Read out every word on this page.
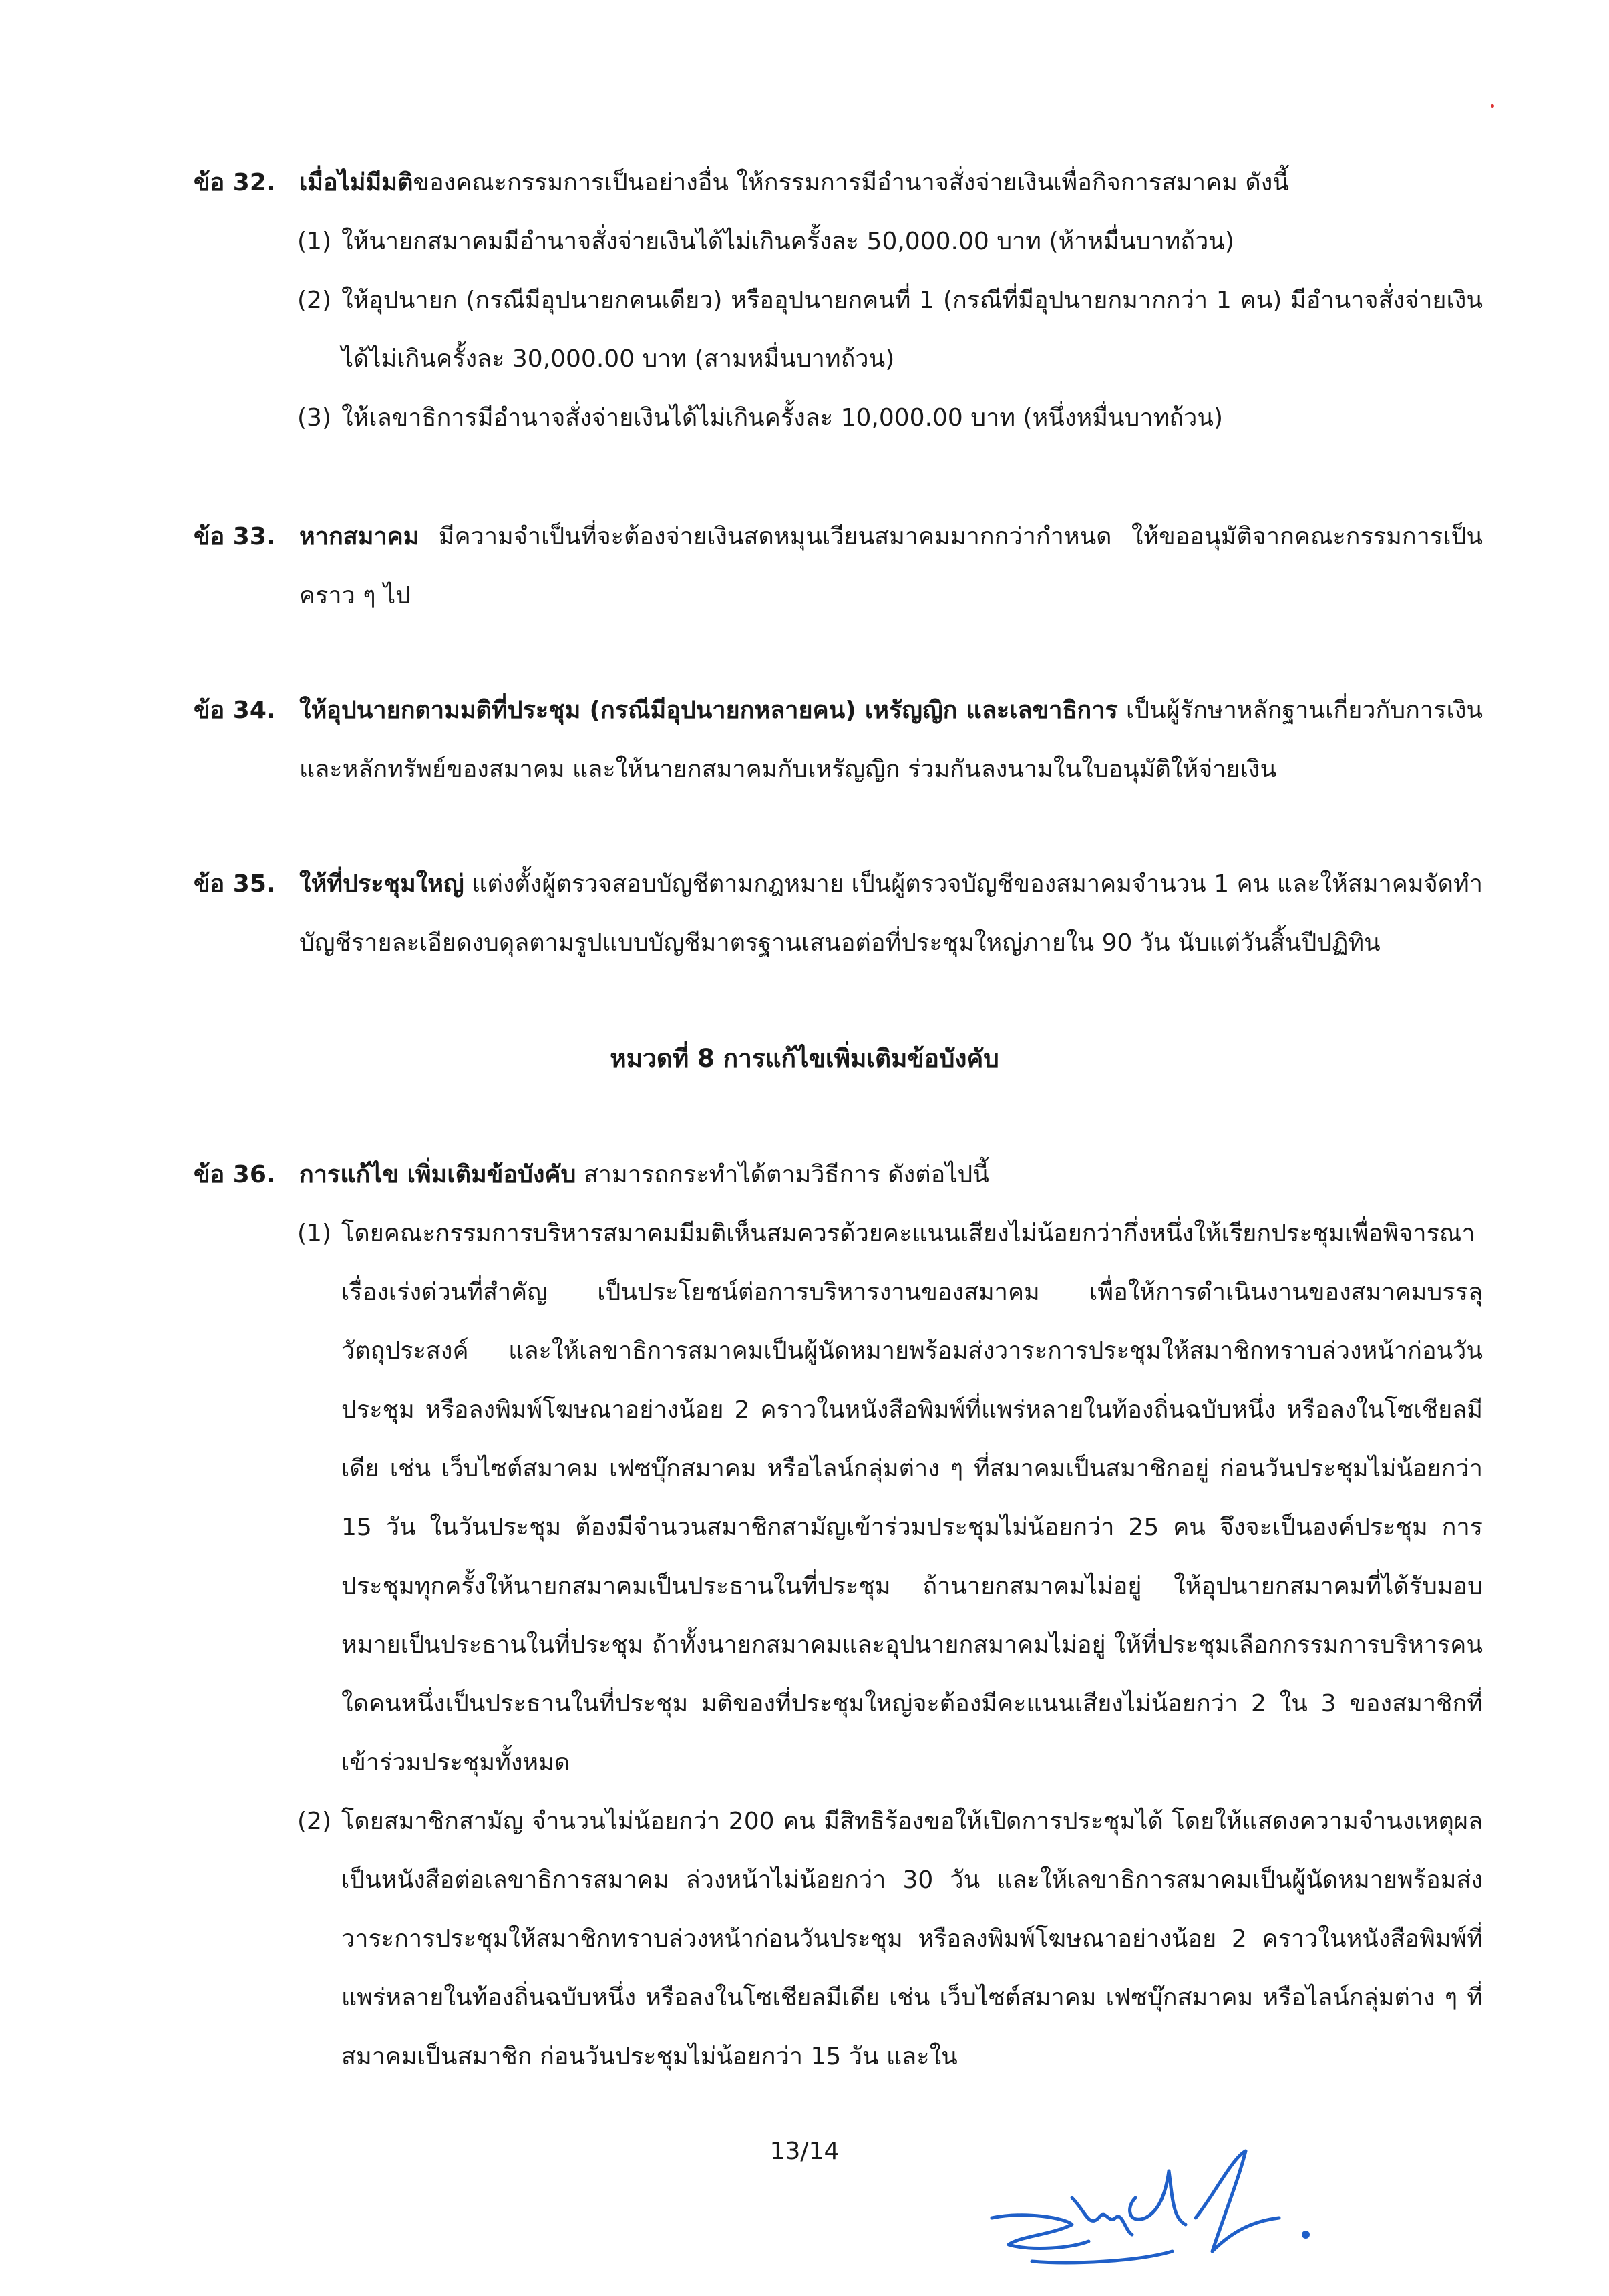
ข้อ 32. เมื่อไม่มีมติของคณะกรรมการเป็นอย่างอื่น ให้กรรมการมีอำนาจสั่งจ่ายเงินเพื่อกิจการสมาคม ดังนี้
(1) ให้นายกสมาคมมีอำนาจสั่งจ่ายเงินได้ไม่เกินครั้งละ 50,000.00 บาท (ห้าหมื่นบาทถ้วน)
(2) ให้อุปนายก (กรณีมีอุปนายกคนเดียว) หรืออุปนายกคนที่ 1 (กรณีที่มีอุปนายกมากกว่า 1 คน) มีอำนาจสั่งจ่ายเงินได้ไม่เกินครั้งละ 30,000.00 บาท (สามหมื่นบาทถ้วน)
(3) ให้เลขาธิการมีอำนาจสั่งจ่ายเงินได้ไม่เกินครั้งละ 10,000.00 บาท (หนึ่งหมื่นบาทถ้วน)
ข้อ 33. หากสมาคม มีความจำเป็นที่จะต้องจ่ายเงินสดหมุนเวียนสมาคมมากกว่ากำหนด ให้ขออนุมัติจากคณะกรรมการเป็นคราว ๆ ไป
ข้อ 34. ให้อุปนายกตามมติที่ประชุม (กรณีมีอุปนายกหลายคน) เหรัญญิก และเลขาธิการ เป็นผู้รักษาหลักฐานเกี่ยวกับการเงินและหลักทรัพย์ของสมาคม และให้นายกสมาคมกับเหรัญญิก ร่วมกันลงนามในใบอนุมัติให้จ่ายเงิน
ข้อ 35. ให้ที่ประชุมใหญ่ แต่งตั้งผู้ตรวจสอบบัญชีตามกฎหมาย เป็นผู้ตรวจบัญชีของสมาคมจำนวน 1 คน และให้สมาคมจัดทำบัญชีรายละเอียดงบดุลตามรูปแบบบัญชีมาตรฐานเสนอต่อที่ประชุมใหญ่ภายใน 90 วัน นับแต่วันสิ้นปีปฏิทิน
หมวดที่ 8 การแก้ไขเพิ่มเติมข้อบังคับ
ข้อ 36. การแก้ไข เพิ่มเติมข้อบังคับ สามารถกระทำได้ตามวิธีการ ดังต่อไปนี้
(1) โดยคณะกรรมการบริหารสมาคมมีมติเห็นสมควรด้วยคะแนนเสียงไม่น้อยกว่ากึ่งหนึ่งให้เรียกประชุมเพื่อพิจารณา เรื่องเร่งด่วนที่สำคัญ เป็นประโยชน์ต่อการบริหารงานของสมาคม เพื่อให้การดำเนินงานของสมาคมบรรลุวัตถุประสงค์ และให้เลขาธิการสมาคมเป็นผู้นัดหมายพร้อมส่งวาระการประชุมให้สมาชิกทราบล่วงหน้าก่อนวันประชุม หรือลงพิมพ์โฆษณาอย่างน้อย 2 คราวในหนังสือพิมพ์ที่แพร่หลายในท้องถิ่นฉบับหนึ่ง หรือลงในโซเชียลมีเดีย เช่น เว็บไซต์สมาคม เฟซบุ๊กสมาคม หรือไลน์กลุ่มต่าง ๆ ที่สมาคมเป็นสมาชิกอยู่ ก่อนวันประชุมไม่น้อยกว่า 15 วัน ในวันประชุม ต้องมีจำนวนสมาชิกสามัญเข้าร่วมประชุมไม่น้อยกว่า 25 คน จึงจะเป็นองค์ประชุม การประชุมทุกครั้งให้นายกสมาคมเป็นประธานในที่ประชุม ถ้านายกสมาคมไม่อยู่ ให้อุปนายกสมาคมที่ได้รับมอบหมายเป็นประธานในที่ประชุม ถ้าทั้งนายกสมาคมและอุปนายกสมาคมไม่อยู่ ให้ที่ประชุมเลือกกรรมการบริหารคนใดคนหนึ่งเป็นประธานในที่ประชุม มติของที่ประชุมใหญ่จะต้องมีคะแนนเสียงไม่น้อยกว่า 2 ใน 3 ของสมาชิกที่เข้าร่วมประชุมทั้งหมด
(2) โดยสมาชิกสามัญ จำนวนไม่น้อยกว่า 200 คน มีสิทธิร้องขอให้เปิดการประชุมได้ โดยให้แสดงความจำนงเหตุผลเป็นหนังสือต่อเลขาธิการสมาคม ล่วงหน้าไม่น้อยกว่า 30 วัน และให้เลขาธิการสมาคมเป็นผู้นัดหมายพร้อมส่งวาระการประชุมให้สมาชิกทราบล่วงหน้าก่อนวันประชุม หรือลงพิมพ์โฆษณาอย่างน้อย 2 คราวในหนังสือพิมพ์ที่แพร่หลายในท้องถิ่นฉบับหนึ่ง หรือลงในโซเชียลมีเดีย เช่น เว็บไซต์สมาคม เฟซบุ๊กสมาคม หรือไลน์กลุ่มต่าง ๆ ที่สมาคมเป็นสมาชิก ก่อนวันประชุมไม่น้อยกว่า 15 วัน และใน
13/14
